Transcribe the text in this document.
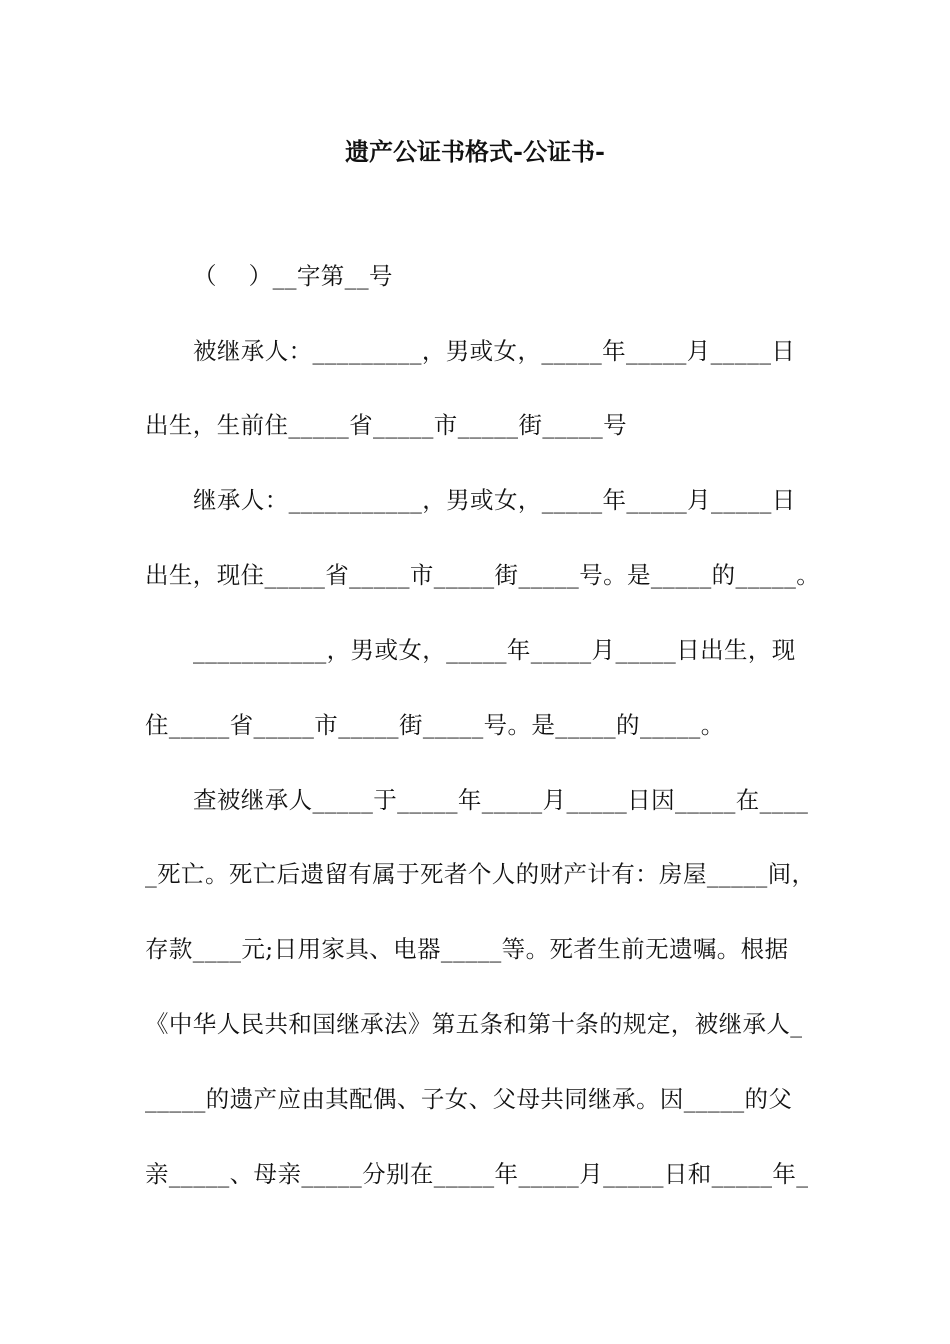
遗产公证书格式-公证书-
（　 ）__字第__号
被继承人：_________，男或女，_____年_____月_____日
出生，生前住_____省_____市_____街_____号
继承人：___________，男或女，_____年_____月_____日
出生，现住_____省_____市_____街_____号。是_____的_____。
___________，男或女，_____年_____月_____日出生，现
住_____省_____市_____街_____号。是_____的_____。
查被继承人_____于_____年_____月_____日因_____在____
_死亡。死亡后遗留有属于死者个人的财产计有：房屋_____间，
存款____元;日用家具、电器_____等。死者生前无遗嘱。根据
《中华人民共和国继承法》第五条和第十条的规定，被继承人_
_____的遗产应由其配偶、子女、父母共同继承。因_____的父
亲_____、母亲_____分别在_____年_____月_____日和_____年_
